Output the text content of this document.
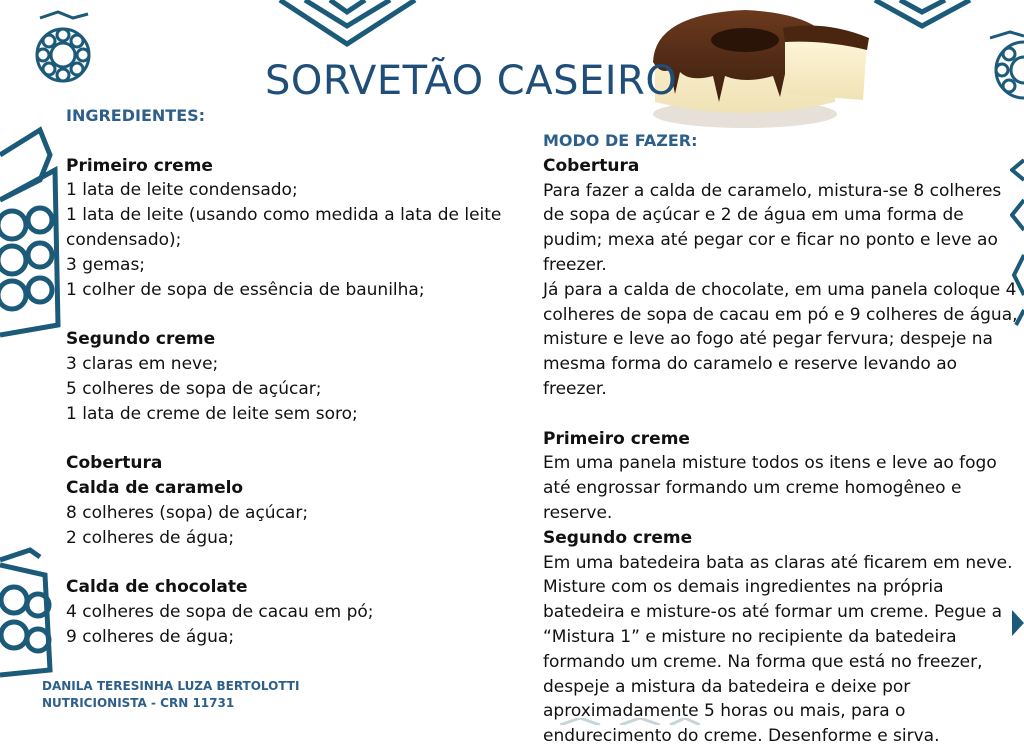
SORVETÃO CASEIRO
INGREDIENTES:
Primeiro creme
1 lata de leite condensado;
1 lata de leite (usando como medida a lata de leite condensado);
3 gemas;
1 colher de sopa de essência de baunilha;
Segundo creme
3 claras em neve;
5 colheres de sopa de açúcar;
1 lata de creme de leite sem soro;
Cobertura
Calda de caramelo
8 colheres (sopa) de açúcar;
2 colheres de água;
Calda de chocolate
4 colheres de sopa de cacau em pó;
9 colheres de água;
MODO DE FAZER:
Cobertura
Para fazer a calda de caramelo, mistura-se 8 colheres de sopa de açúcar e 2 de água em uma forma de pudim; mexa até pegar cor e ficar no ponto e leve ao freezer.
Já para a calda de chocolate, em uma panela coloque 4 colheres de sopa de cacau em pó e 9 colheres de água, misture e leve ao fogo até pegar fervura; despeje na mesma forma do caramelo e reserve levando ao freezer.
Primeiro creme
Em uma panela misture todos os itens e leve ao fogo até engrossar formando um creme homogêneo e reserve.
Segundo creme
Em uma batedeira bata as claras até ficarem em neve. Misture com os demais ingredientes na própria batedeira e misture-os até formar um creme. Pegue a “Mistura 1” e misture no recipiente da batedeira formando um creme. Na forma que está no freezer, despeje a mistura da batedeira e deixe por aproximadamente 5 horas ou mais, para o endurecimento do creme. Desenforme e sirva.
DANILA TERESINHA LUZA BERTOLOTTI
NUTRICIONISTA - CRN 11731
